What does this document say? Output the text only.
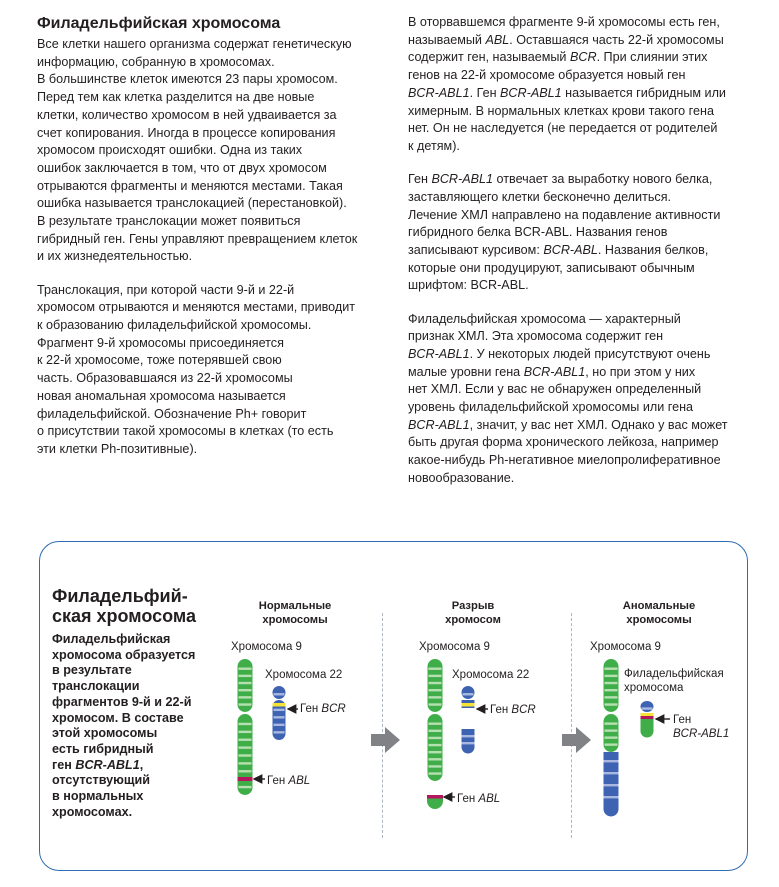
Филадельфийская хромосома
Все клетки нашего организма содержат генетическую
информацию, собранную в хромосомах.
В большинстве клеток имеются 23 пары хромосом.
Перед тем как клетка разделится на две новые
клетки, количество хромосом в ней удваивается за
счет копирования. Иногда в процессе копирования
хромосом происходят ошибки. Одна из таких
ошибок заключается в том, что от двух хромосом
отрываются фрагменты и меняются местами. Такая
ошибка называется транслокацией (перестановкой).
В результате транслокации может появиться
гибридный ген. Гены управляют превращением клеток
и их жизнедеятельностью.
Транслокация, при которой части 9-й и 22-й
хромосом отрываются и меняются местами, приводит
к образованию филадельфийской хромосомы.
Фрагмент 9-й хромосомы присоединяется
к 22-й хромосоме, тоже потерявшей свою
часть. Образовавшаяся из 22-й хромосомы
новая аномальная хромосома называется
филадельфийской. Обозначение Ph+ говорит
о присутствии такой хромосомы в клетках (то есть
эти клетки Ph-позитивные).
В оторвавшемся фрагменте 9-й хромосомы есть ген,
называемый ABL. Оставшаяся часть 22-й хромосомы
содержит ген, называемый BCR. При слиянии этих
генов на 22-й хромосоме образуется новый ген
BCR-ABL1. Ген BCR-ABL1 называется гибридным или
химерным. В нормальных клетках крови такого гена
нет. Он не наследуется (не передается от родителей
к детям).
Ген BCR-ABL1 отвечает за выработку нового белка,
заставляющего клетки бесконечно делиться.
Лечение ХМЛ направлено на подавление активности
гибридного белка BCR-ABL. Названия генов
записывают курсивом: BCR-ABL. Названия белков,
которые они продуцируют, записывают обычным
шрифтом: BCR-ABL.
Филадельфийская хромосома — характерный
признак ХМЛ. Эта хромосома содержит ген
BCR-ABL1. У некоторых людей присутствуют очень
малые уровни гена BCR-ABL1, но при этом у них
нет ХМЛ. Если у вас не обнаружен определенный
уровень филадельфийской хромосомы или гена
BCR-ABL1, значит, у вас нет ХМЛ. Однако у вас может
быть другая форма хронического лейкоза, например
какое-нибудь Ph-негативное миелопролиферативное
новообразование.
Филадельфий-
ская хромосома
Филадельфийская
хромосома образуется
в результате
транслокации
фрагментов 9-й и 22-й
хромосом. В составе
этой хромосомы
есть гибридный
ген BCR-ABL1,
отсутствующий
в нормальных
хромосомах.
Нормальные
хромосомы
Разрыв
хромосом
Аномальные
хромосомы
Хромосома 9
Хромосома 22
Ген BCR
Ген ABL
Хромосома 9
Хромосома 22
Ген BCR
Ген ABL
Хромосома 9
Филадельфийская
хромосома
Ген
BCR-ABL1
